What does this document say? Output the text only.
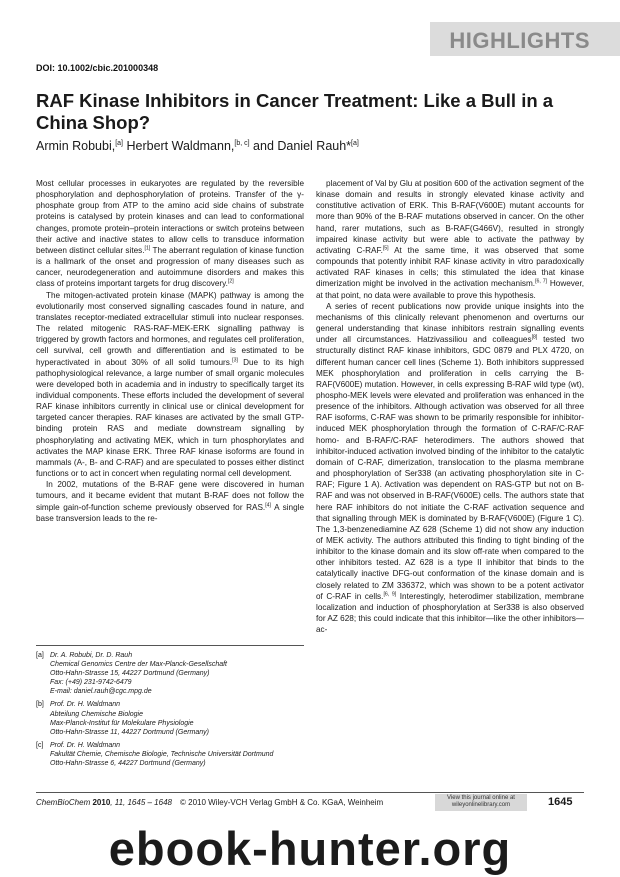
HIGHLIGHTS
DOI: 10.1002/cbic.201000348
RAF Kinase Inhibitors in Cancer Treatment: Like a Bull in a China Shop?
Armin Robubi,[a] Herbert Waldmann,[b, c] and Daniel Rauh*[a]

Most cellular processes in eukaryotes are regulated by the reversible phosphorylation and dephosphorylation of proteins. Transfer of the γ-phosphate group from ATP to the amino acid side chains of substrate proteins is catalysed by protein kinases and can lead to conformational changes, promote protein–protein interactions or switch proteins between their active and inactive states to allow cells to transduce information between distinct cellular sites.[1] The aberrant regulation of kinase function is a hallmark of the onset and progression of many diseases such as cancer, neurodegeneration and autoimmune disorders and makes this class of proteins important targets for drug discovery.[2]

The mitogen-activated protein kinase (MAPK) pathway is among the evolutionarily most conserved signalling cascades found in nature, and translates receptor-mediated extracellular stimuli into nuclear responses. The related mitogenic RAS-RAF-MEK-ERK signalling pathway is triggered by growth factors and hormones, and regulates cell proliferation, cell survival, cell growth and differentiation and is estimated to be hyperactivated in about 30% of all solid tumours.[3] Due to its high pathophysiological relevance, a large number of small organic molecules were developed both in academia and in industry to specifically target its individual components. These efforts included the development of several RAF kinase inhibitors currently in clinical use or clinical development for targeted cancer therapies. RAF kinases are activated by the small GTP-binding protein RAS and mediate downstream signalling by phosphorylating and activating MEK, which in turn phosphorylates and activates the MAP kinase ERK. Three RAF kinase isoforms are found in mammals (A-, B- and C-RAF) and are speculated to posses either distinct functions or to act in concert when regulating normal cell development.

In 2002, mutations of the B-RAF gene were discovered in human tumours, and it became evident that mutant B-RAF does not follow the simple gain-of-function scheme previously observed for RAS.[4] A single base transversion leads to the re-

placement of Val by Glu at position 600 of the activation segment of the kinase domain and results in strongly elevated kinase activity and constitutive activation of ERK. This B-RAF(V600E) mutant accounts for more than 90% of the B-RAF mutations observed in cancer. On the other hand, rarer mutations, such as B-RAF(G466V), resulted in strongly impaired kinase activity but were able to activate the pathway by activating C-RAF.[5] At the same time, it was observed that some compounds that potently inhibit RAF kinase activity in vitro paradoxically activated RAF kinases in cells; this stimulated the idea that kinase dimerization might be involved in the activation mechanism.[6, 7] However, at that point, no data were available to prove this hypothesis.

A series of recent publications now provide unique insights into the mechanisms of this clinically relevant phenomenon and overturns our general understanding that kinase inhibitors restrain signalling events under all circumstances. Hatzivassiliou and colleagues[8] tested two structurally distinct RAF kinase inhibitors, GDC 0879 and PLX 4720, on different human cancer cell lines (Scheme 1). Both inhibitors suppressed MEK phosphorylation and proliferation in cells carrying the B-RAF(V600E) mutation. However, in cells expressing B-RAF wild type (wt), phospho-MEK levels were elevated and proliferation was enhanced in the presence of the inhibitors. Although activation was observed for all three RAF isoforms, C-RAF was shown to be primarily responsible for inhibitor-induced MEK phosphorylation through the formation of C-RAF/C-RAF homo- and B-RAF/C-RAF heterodimers. The authors showed that inhibitor-induced activation involved binding of the inhibitor to the catalytic domain of C-RAF, dimerization, translocation to the plasma membrane and phosphorylation of Ser338 (an activating phosphorylation site in C-RAF; Figure 1 A). Activation was dependent on RAS-GTP but not on B-RAF and was not observed in B-RAF(V600E) cells. The authors state that here RAF inhibitors do not initiate the C-RAF activation sequence and that signalling through MEK is dominated by B-RAF(V600E) (Figure 1 C). The 1,3-benzenediamine AZ 628 (Scheme 1) did not show any induction of MEK activity. The authors attributed this finding to tight binding of the inhibitor to the kinase domain and its slow off-rate when compared to the other inhibitors tested. AZ 628 is a type II inhibitor that binds to the catalytically inactive DFG-out conformation of the kinase domain and is closely related to ZM 336372, which was shown to be a potent activator of C-RAF in cells.[6, 9] Interestingly, heterodimer stabilization, membrane localization and induction of phosphorylation at Ser338 is also observed for AZ 628; this could indicate that this inhibitor—like the other inhibitors—ac-

[a] Dr. A. Robubi, Dr. D. Rauh
Chemical Genomics Centre der Max-Planck-Gesellschaft
Otto-Hahn-Strasse 15, 44227 Dortmund (Germany)
Fax: (+49) 231-9742-6479
E-mail: daniel.rauh@cgc.mpg.de
[b] Prof. Dr. H. Waldmann
Abteilung Chemische Biologie
Max-Planck-Institut für Molekulare Physiologie
Otto-Hahn-Strasse 11, 44227 Dortmund (Germany)
[c] Prof. Dr. H. Waldmann
Fakultät Chemie, Chemische Biologie, Technische Universität Dortmund
Otto-Hahn-Strasse 6, 44227 Dortmund (Germany)
ChemBioChem 2010, 11, 1645 – 1648 © 2010 Wiley-VCH Verlag GmbH & Co. KGaA, Weinheim	View this journal online at
wileyonlinelibrary.com	1645
ebook-hunter.org
